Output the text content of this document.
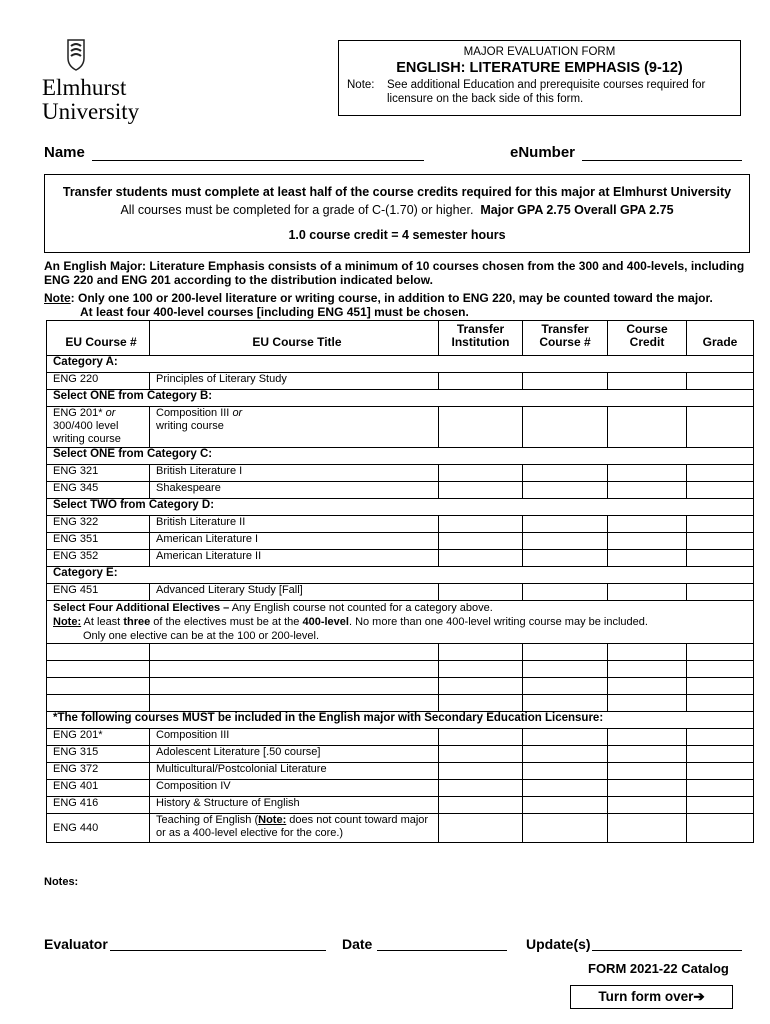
Elmhurst
University
MAJOR EVALUATION FORM
ENGLISH: LITERATURE EMPHASIS (9-12)
Note:	See additional Education and prerequisite courses required for licensure on the back side of this form.
Name	eNumber
Transfer students must complete at least half of the course credits required for this major at Elmhurst University
All courses must be completed for a grade of C-(1.70) or higher. Major GPA 2.75 Overall GPA 2.75
1.0 course credit = 4 semester hours
An English Major: Literature Emphasis consists of a minimum of 10 courses chosen from the 300 and 400-levels, including ENG 220 and ENG 201 according to the distribution indicated below.
Note: Only one 100 or 200-level literature or writing course, in addition to ENG 220, may be counted toward the major.
At least four 400-level courses [including ENG 451] must be chosen.
EU Course #	EU Course Title	Transfer Institution	Transfer Course #	Course Credit	Grade
Category A:					
ENG 220	Principles of Literary Study				
Select ONE from Category B:					
ENG 201* or
300/400 level writing course	Composition III or
writing course				
Select ONE from Category C:					
ENG 321	British Literature I				
ENG 345	Shakespeare				
Select TWO from Category D:					
ENG 322	British Literature II				
ENG 351	American Literature I				
ENG 352	American Literature II				
Category E:					
ENG 451	Advanced Literary Study [Fall]				
Select Four Additional Electives – Any English course not counted for a category above.
Note: At least three of the electives must be at the 400-level. No more than one 400-level writing course may be included.
Only one elective can be at the 100 or 200-level.					

*The following courses MUST be included in the English major with Secondary Education Licensure:					
ENG 201*	Composition III				
ENG 315	Adolescent Literature [.50 course]				
ENG 372	Multicultural/Postcolonial Literature				
ENG 401	Composition IV				
ENG 416	History & Structure of English				
ENG 440	Teaching of English (Note: does not count toward major or as a 400-level elective for the core.)				
Notes:
Evaluator	Date	Update(s)
FORM 2021-22 Catalog
Turn form over➔
